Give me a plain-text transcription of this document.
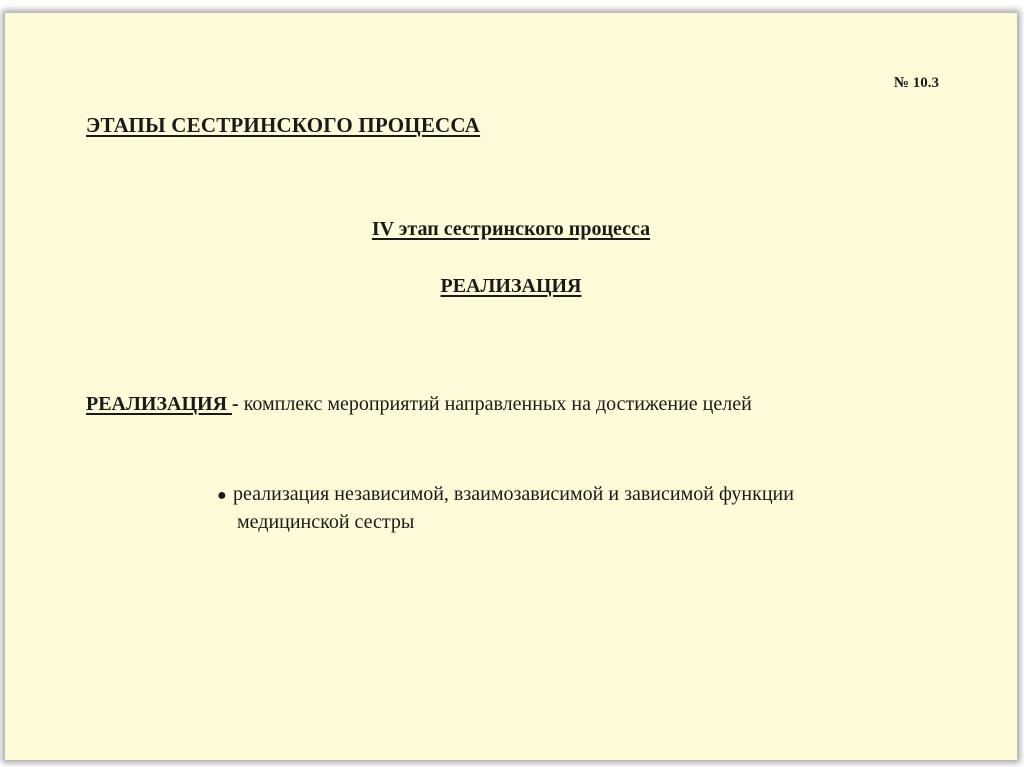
№ 10.3
ЭТАПЫ СЕСТРИНСКОГО ПРОЦЕССА
IV этап сестринского процесса
РЕАЛИЗАЦИЯ
РЕАЛИЗАЦИЯ - комплекс мероприятий направленных на достижение целей
● реализация независимой, взаимозависимой и зависимой функции
медицинской сестры
